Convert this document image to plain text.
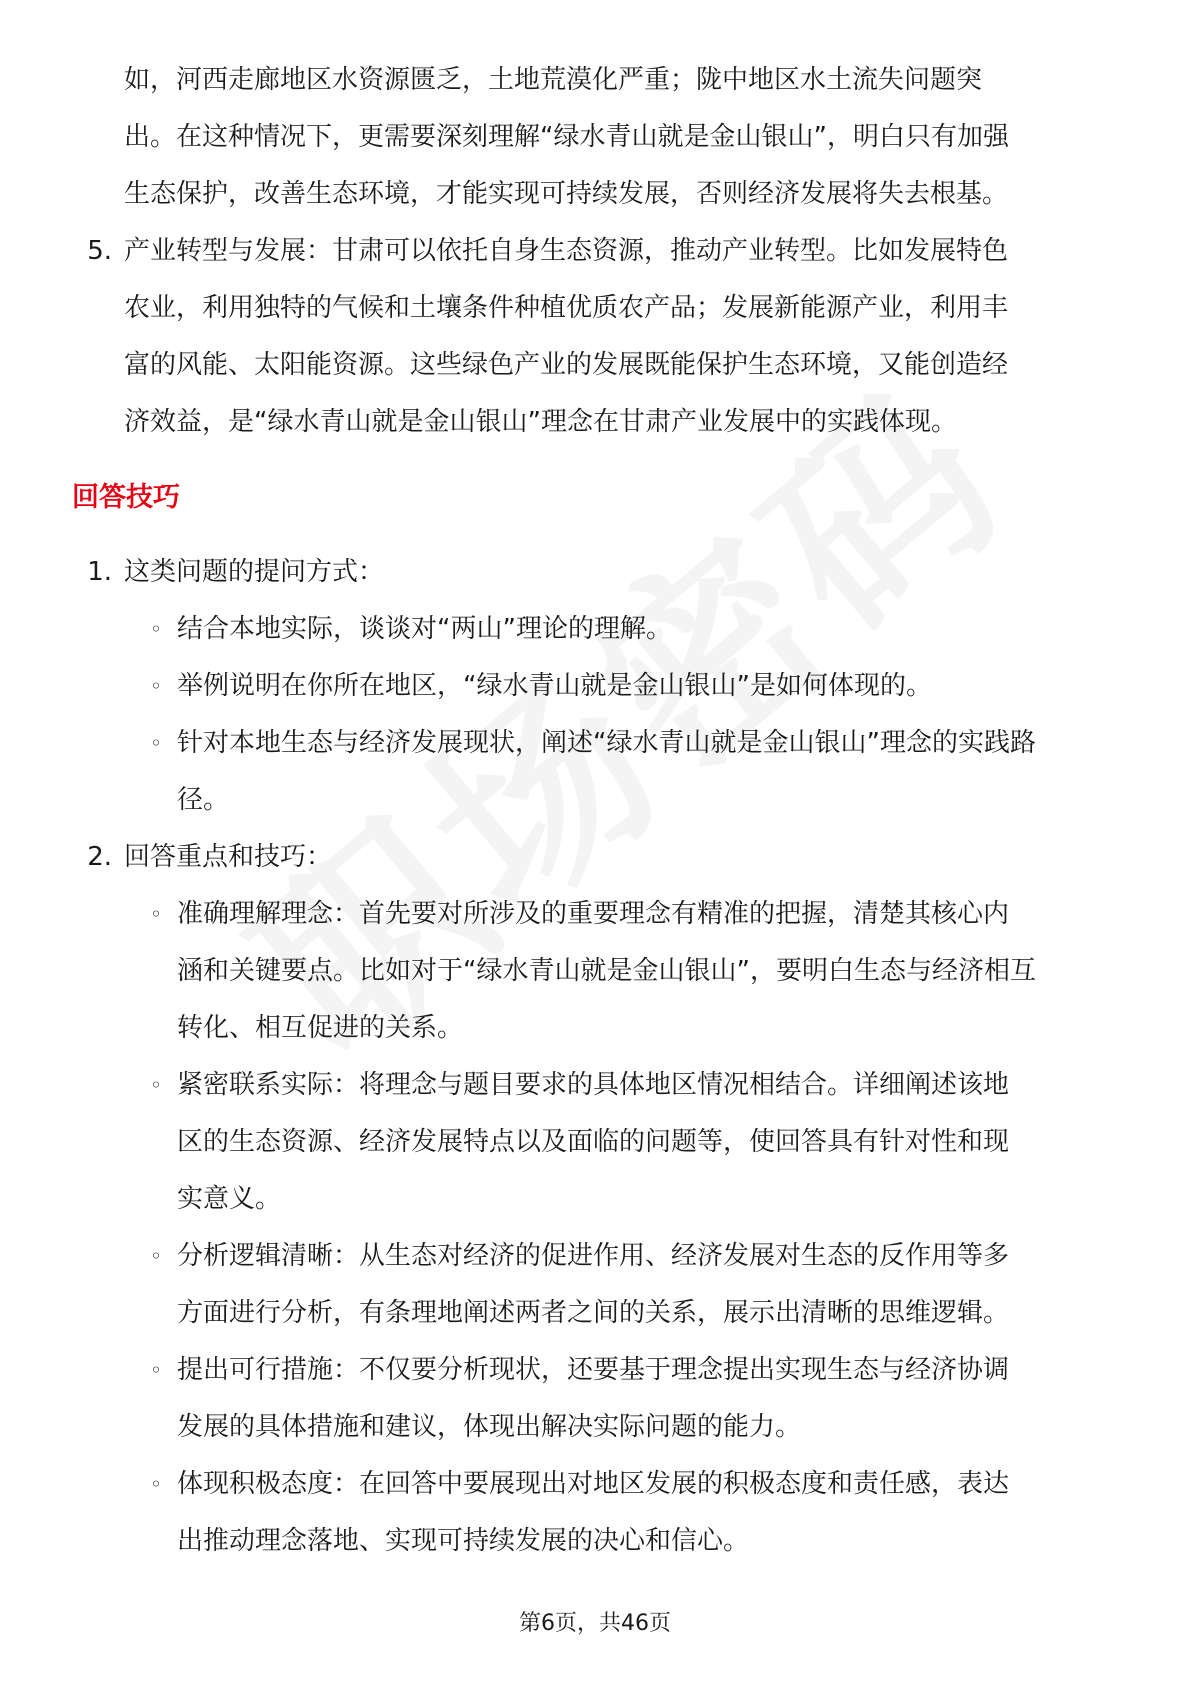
如，河西走廊地区水资源匮乏，土地荒漠化严重；陇中地区水土流失问题突
出。在这种情况下，更需要深刻理解“绿水青山就是金山银山”，明白只有加强
生态保护，改善生态环境，才能实现可持续发展，否则经济发展将失去根基。
5. 产业转型与发展：甘肃可以依托自身生态资源，推动产业转型。比如发展特色
农业，利用独特的气候和土壤条件种植优质农产品；发展新能源产业，利用丰
富的风能、太阳能资源。这些绿色产业的发展既能保护生态环境，又能创造经
济效益，是“绿水青山就是金山银山”理念在甘肃产业发展中的实践体现。
回答技巧
1. 这类问题的提问方式：
◦ 结合本地实际，谈谈对“两山”理论的理解。
◦ 举例说明在你所在地区，“绿水青山就是金山银山”是如何体现的。
◦ 针对本地生态与经济发展现状，阐述“绿水青山就是金山银山”理念的实践路
径。
2. 回答重点和技巧：
◦ 准确理解理念：首先要对所涉及的重要理念有精准的把握，清楚其核心内
涵和关键要点。比如对于“绿水青山就是金山银山”，要明白生态与经济相互
转化、相互促进的关系。
◦ 紧密联系实际：将理念与题目要求的具体地区情况相结合。详细阐述该地
区的生态资源、经济发展特点以及面临的问题等，使回答具有针对性和现
实意义。
◦ 分析逻辑清晰：从生态对经济的促进作用、经济发展对生态的反作用等多
方面进行分析，有条理地阐述两者之间的关系，展示出清晰的思维逻辑。
◦ 提出可行措施：不仅要分析现状，还要基于理念提出实现生态与经济协调
发展的具体措施和建议，体现出解决实际问题的能力。
◦ 体现积极态度：在回答中要展现出对地区发展的积极态度和责任感，表达
出推动理念落地、实现可持续发展的决心和信心。
第6页，共46页
